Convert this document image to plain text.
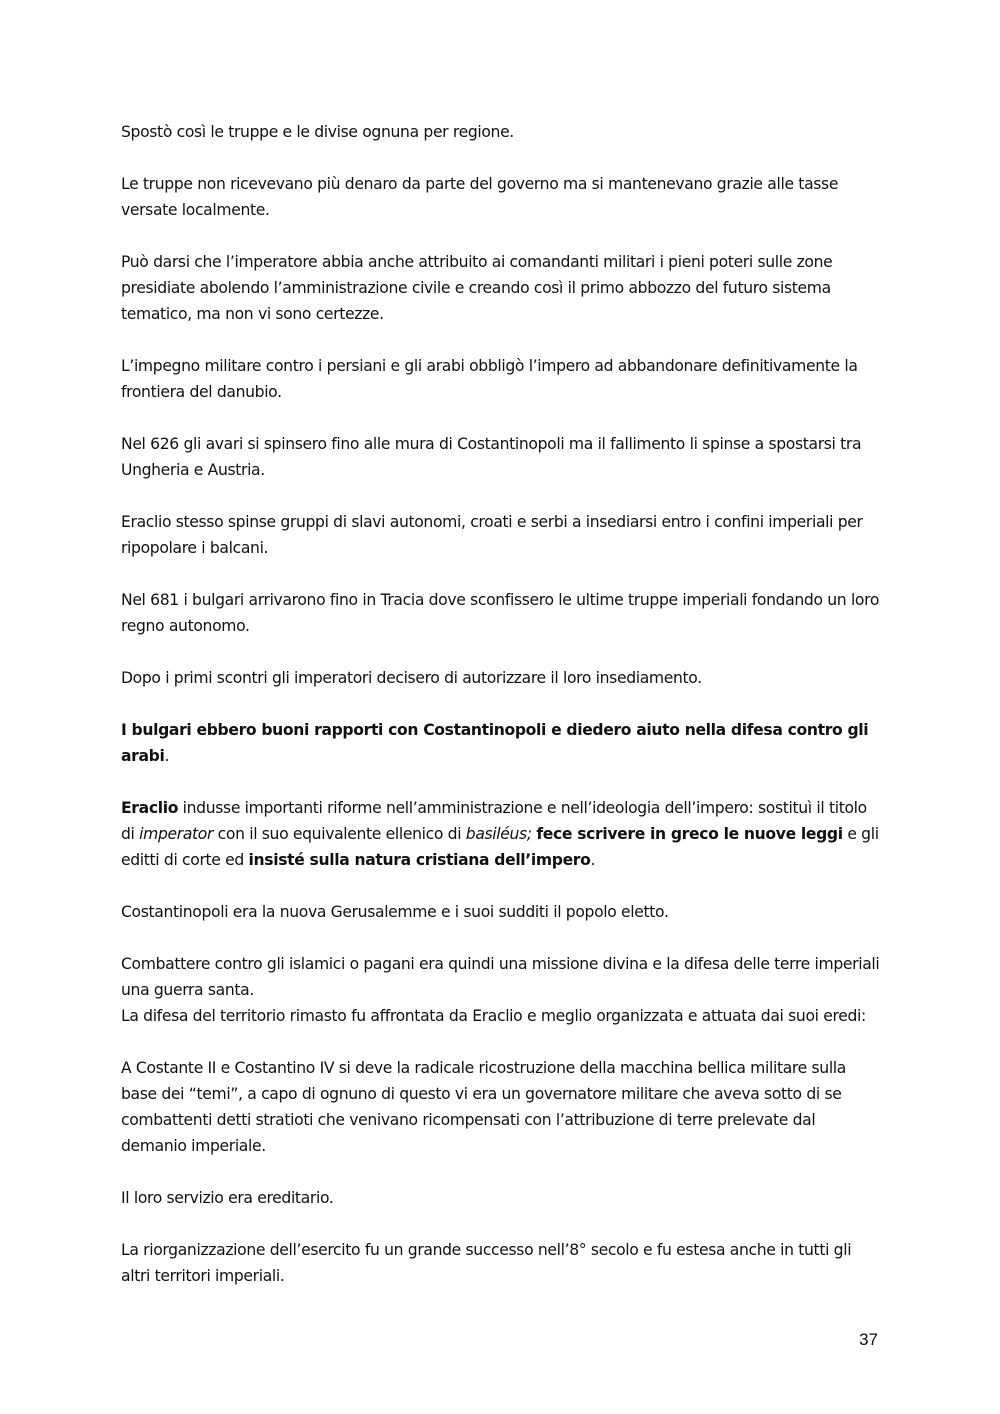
Spostò così le truppe e le divise ognuna per regione.

Le truppe non ricevevano più denaro da parte del governo ma si mantenevano grazie alle tasse versate localmente.

Può darsi che l’imperatore abbia anche attribuito ai comandanti militari i pieni poteri sulle zone presidiate abolendo l’amministrazione civile e creando così il primo abbozzo del futuro sistema tematico, ma non vi sono certezze.

L’impegno militare contro i persiani e gli arabi obbligò l’impero ad abbandonare definitivamente la frontiera del danubio.

Nel 626 gli avari si spinsero fino alle mura di Costantinopoli ma il fallimento li spinse a spostarsi tra Ungheria e Austria.

Eraclio stesso spinse gruppi di slavi autonomi, croati e serbi a insediarsi entro i confini imperiali per ripopolare i balcani.

Nel 681 i bulgari arrivarono fino in Tracia dove sconfissero le ultime truppe imperiali fondando un loro regno autonomo.

Dopo i primi scontri gli imperatori decisero di autorizzare il loro insediamento.

I bulgari ebbero buoni rapporti con Costantinopoli e diedero aiuto nella difesa contro gli arabi.

Eraclio indusse importanti riforme nell’amministrazione e nell’ideologia dell’impero: sostituì il titolo di imperator con il suo equivalente ellenico di basiléus; fece scrivere in greco le nuove leggi e gli editti di corte ed insisté sulla natura cristiana dell’impero.

Costantinopoli era la nuova Gerusalemme e i suoi sudditi il popolo eletto.

Combattere contro gli islamici o pagani era quindi una missione divina e la difesa delle terre imperiali una guerra santa.

La difesa del territorio rimasto fu affrontata da Eraclio e meglio organizzata e attuata dai suoi eredi:

A Costante II e Costantino IV si deve la radicale ricostruzione della macchina bellica militare sulla base dei “temi”, a capo di ognuno di questo vi era un governatore militare che aveva sotto di se combattenti detti stratioti che venivano ricompensati con l’attribuzione di terre prelevate dal demanio imperiale.

Il loro servizio era ereditario.

La riorganizzazione dell’esercito fu un grande successo nell’8° secolo e fu estesa anche in tutti gli altri territori imperiali.

37
